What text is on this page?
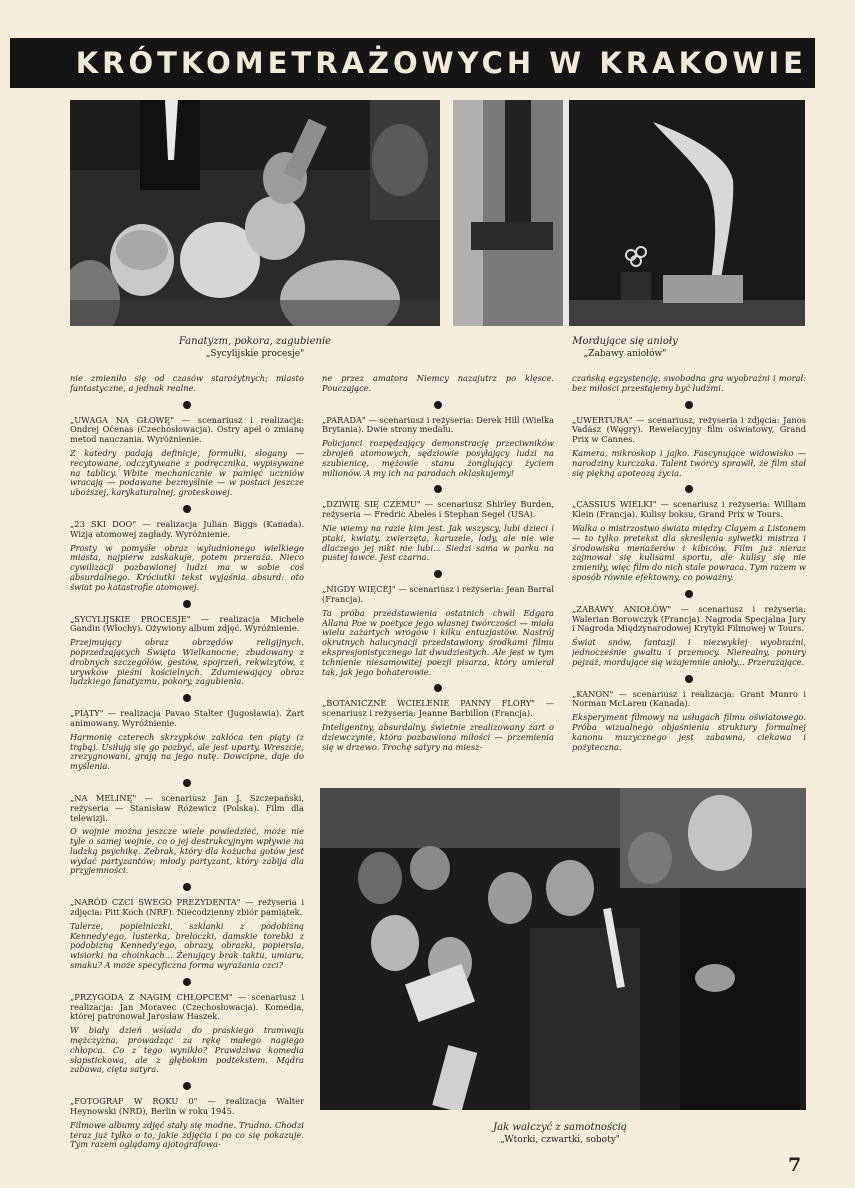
KRÓTKOMETRAŻOWYCH W KRAKOWIE
Fanatyzm, pokora, zagubienie
„Sycylijskie procesje"
Mordujące się anioły
„Zabawy aniołów"

nie zmieniło się od czasów starożytnych; miasto fantastyczne, a jednak realne.

„UWAGA NA GŁOWĘ" — scenariusz i realizacja: Ondrej Očenas (Czechosłowacja). Ostry apel o zmianę metod nauczania. Wyróżnienie.

Z katedry padają definicje, formułki, slogany — recytowane, odczytywane z podręcznika, wypisywane na tablicy. Wbite mechanicznie w pamięć uczniów wracają — podawane bezmyślnie — w postaci jeszcze uboższej, karykaturalnej, groteskowej.

„23 SKI DOO" — realizacja Julian Biggs (Kanada). Wizja atomowej zagłady. Wyróżnienie.

Prosty w pomyśle obraz wyludnionego wielkiego miasta, najpierw zaskakuje, potem przeraża. Nieco cywilizacji pozbawionej ludzi ma w sobie coś absurdalnego. Króciutki tekst wyjaśnia absurd: oto świat po katastrofie atomowej.

„SYCYLIJSKIE PROCESJE" — realizacja Michele Gandin (Włochy). Ożywiony album zdjęć. Wyróżnienie.

Przejmujący obraz obrzędów religijnych, poprzedzających Święta Wielkanocne, zbudowany z drobnych szczegółów, gestów, spojrzeń, rekwizytów, z urywków pieśni kościelnych. Zdumiewający obraz ludzkiego fanatyzmu, pokory, zagubienia.

„PIĄTY" — realizacja Pavao Stalter (Jugosławia). Żart animowany. Wyróżnienie.

Harmonię czterech skrzypków zakłóca ten piąty (z trąbą). Usiłują się go pozbyć, ale jest uparty. Wreszcie, zrezygnowani, grają na jego nutę. Dowcipne, daje do myślenia.

„NA MELINĘ" — scenariusz Jan J. Szczepański, reżyseria — Stanisław Różewicz (Polska). Film dla telewizji.

O wojnie można jeszcze wiele powiedzieć, może nie tyle o samej wojnie, co o jej destrukcyjnym wpływie na ludzką psychikę. Żebrak, który dla kożucha gotów jest wydać partyzantów; młody partyzant, który zabija dla przyjemności.

„NARÓD CZCI SWEGO PREZYDENTA" — reżyseria i zdjęcia: Pitt Koch (NRF). Niecodzienny zbiór pamiątek.

Talerze, popielniczki, szklanki z podobizną Kennedy'ego, lusterka, breloczki, damskie torebki z podobizną Kennedy'ego, obrazy, obrazki, popiersia, wisiorki na choinkach... Żenujący brak taktu, umiaru, smaku? A może specyficzna forma wyrażania czci?

„PRZYGODA Z NAGIM CHŁOPCEM" — scenariusz i realizacja: Jan Moravec (Czechosłowacja). Komedia, której patronował Jarosław Haszek.

W biały dzień wsiada do praskiego tramwaju mężczyzna, prowadząc za rękę małego nagiego chłopca. Co z tego wynikło? Prawdziwa komedia slapstickowa, ale z głębokim podtekstem. Mądra zabawa, cięta satyra.

„FOTOGRAF W ROKU 0" — realizacja Walter Heynowski (NRD), Berlin w roku 1945.

Filmowe albumy zdjęć stały się modne. Trudno. Chodzi teraz już tylko o to, jakie zdjęcia i po co się pokazuje. Tym razem oglądamy ajotografowa-

ne przez amatora Niemcy nazajutrz po klęsce. Pouczające.

„PARADA" — scenariusz i reżyseria: Derek Hill (Wielka Brytania). Dwie strony medalu.

Policjanci rozpędzający demonstrację przeciwników zbrojeń atomowych, sędziowie posyłający ludzi na szubienicę, mężowie stanu żonglujący życiem milionów. A my ich na paradach oklaskujemy!

„DZIWIĘ SIĘ CZEMU" — scenariusz Shirley Burden, reżyseria — Fredric Abeles i Stephan Segel (USA).

Nie wiemy na razie kim jest. Jak wszyscy, lubi dzieci i ptaki, kwiaty, zwierzęta, karuzele, lody, ale nie wie dlaczego jej nikt nie lubi... Siedzi sama w parku na pustej ławce. Jest czarna.

„NIGDY WIĘCEJ" — scenariusz i reżyseria: Jean Barral (Francja).

Ta próba przedstawienia ostatnich chwil Edgara Allana Poe w poetyce jego własnej twórczości — miała wielu zażartych wrogów i kilku entuzjastów. Nastrój okrutnych halucynacji przedstawiony środkami filmu ekspresjonistycznego lat dwudziestych. Ale jest w tym tchnienie niesamowitej poezji pisarza, który umierał tak, jak jego bohaterowie.

„BOTANICZNE WCIELENIE PANNY FLORY" — scenariusz i reżyseria: Jeanne Barbillon (Francja).

Inteligentny, absurdalny, świetnie zrealizowany żart o dziewczynie, która pozbawiona miłości — przemienia się w drzewo. Trochę satyry na miesz-

czańską egzystencję, swobodna gra wyobraźni i morał: bez miłości przestajemy być ludźmi.

„UWERTURA" — scenariusz, reżyseria i zdjęcia: Janos Vadász (Węgry). Rewelacyjny film oświatowy, Grand Prix w Cannes.

Kamera, mikroskop i jajko. Fascynujące widowisko — narodziny kurczaka. Talent twórcy sprawił, że film stał się piękną apoteozą życia.

„CASSIUS WIELKI" — scenariusz i reżyseria: William Klein (Francja). Kulisy boksu, Grand Prix w Tours.

Walka o mistrzostwo świata między Clayem a Listonem — to tylko pretekst dla skreślenia sylwetki mistrza i środowiska menażerów i kibiców. Film już nieraz zajmował się kulisami sportu, ale kulisy się nie zmieniły, więc film do nich stale powraca. Tym razem w sposób równie efektowny, co poważny.

„ZABAWY ANIOŁÓW" — scenariusz i reżyseria: Walerian Borowczyk (Francja). Nagroda Specjalna Jury i Nagroda Międzynarodowej Krytyki Filmowej w Tours.

Świat snów, fantazji i niezwykłej wyobraźni, jednocześnie gwałtu i przemocy. Nierealny, ponury pejzaż, mordujące się wzajemnie anioły... Przerażające.

„KANON" — scenariusz i realizacja: Grant Munro i Norman McLaren (Kanada).

Eksperyment filmowy na usługach filmu oświatowego. Próba wizualnego objaśnienia struktury formalnej kanonu muzycznego jest zabawna, ciekawa i pożyteczna.

Jak walczyć z samotnością
„Wtorki, czwartki, soboty"
7
